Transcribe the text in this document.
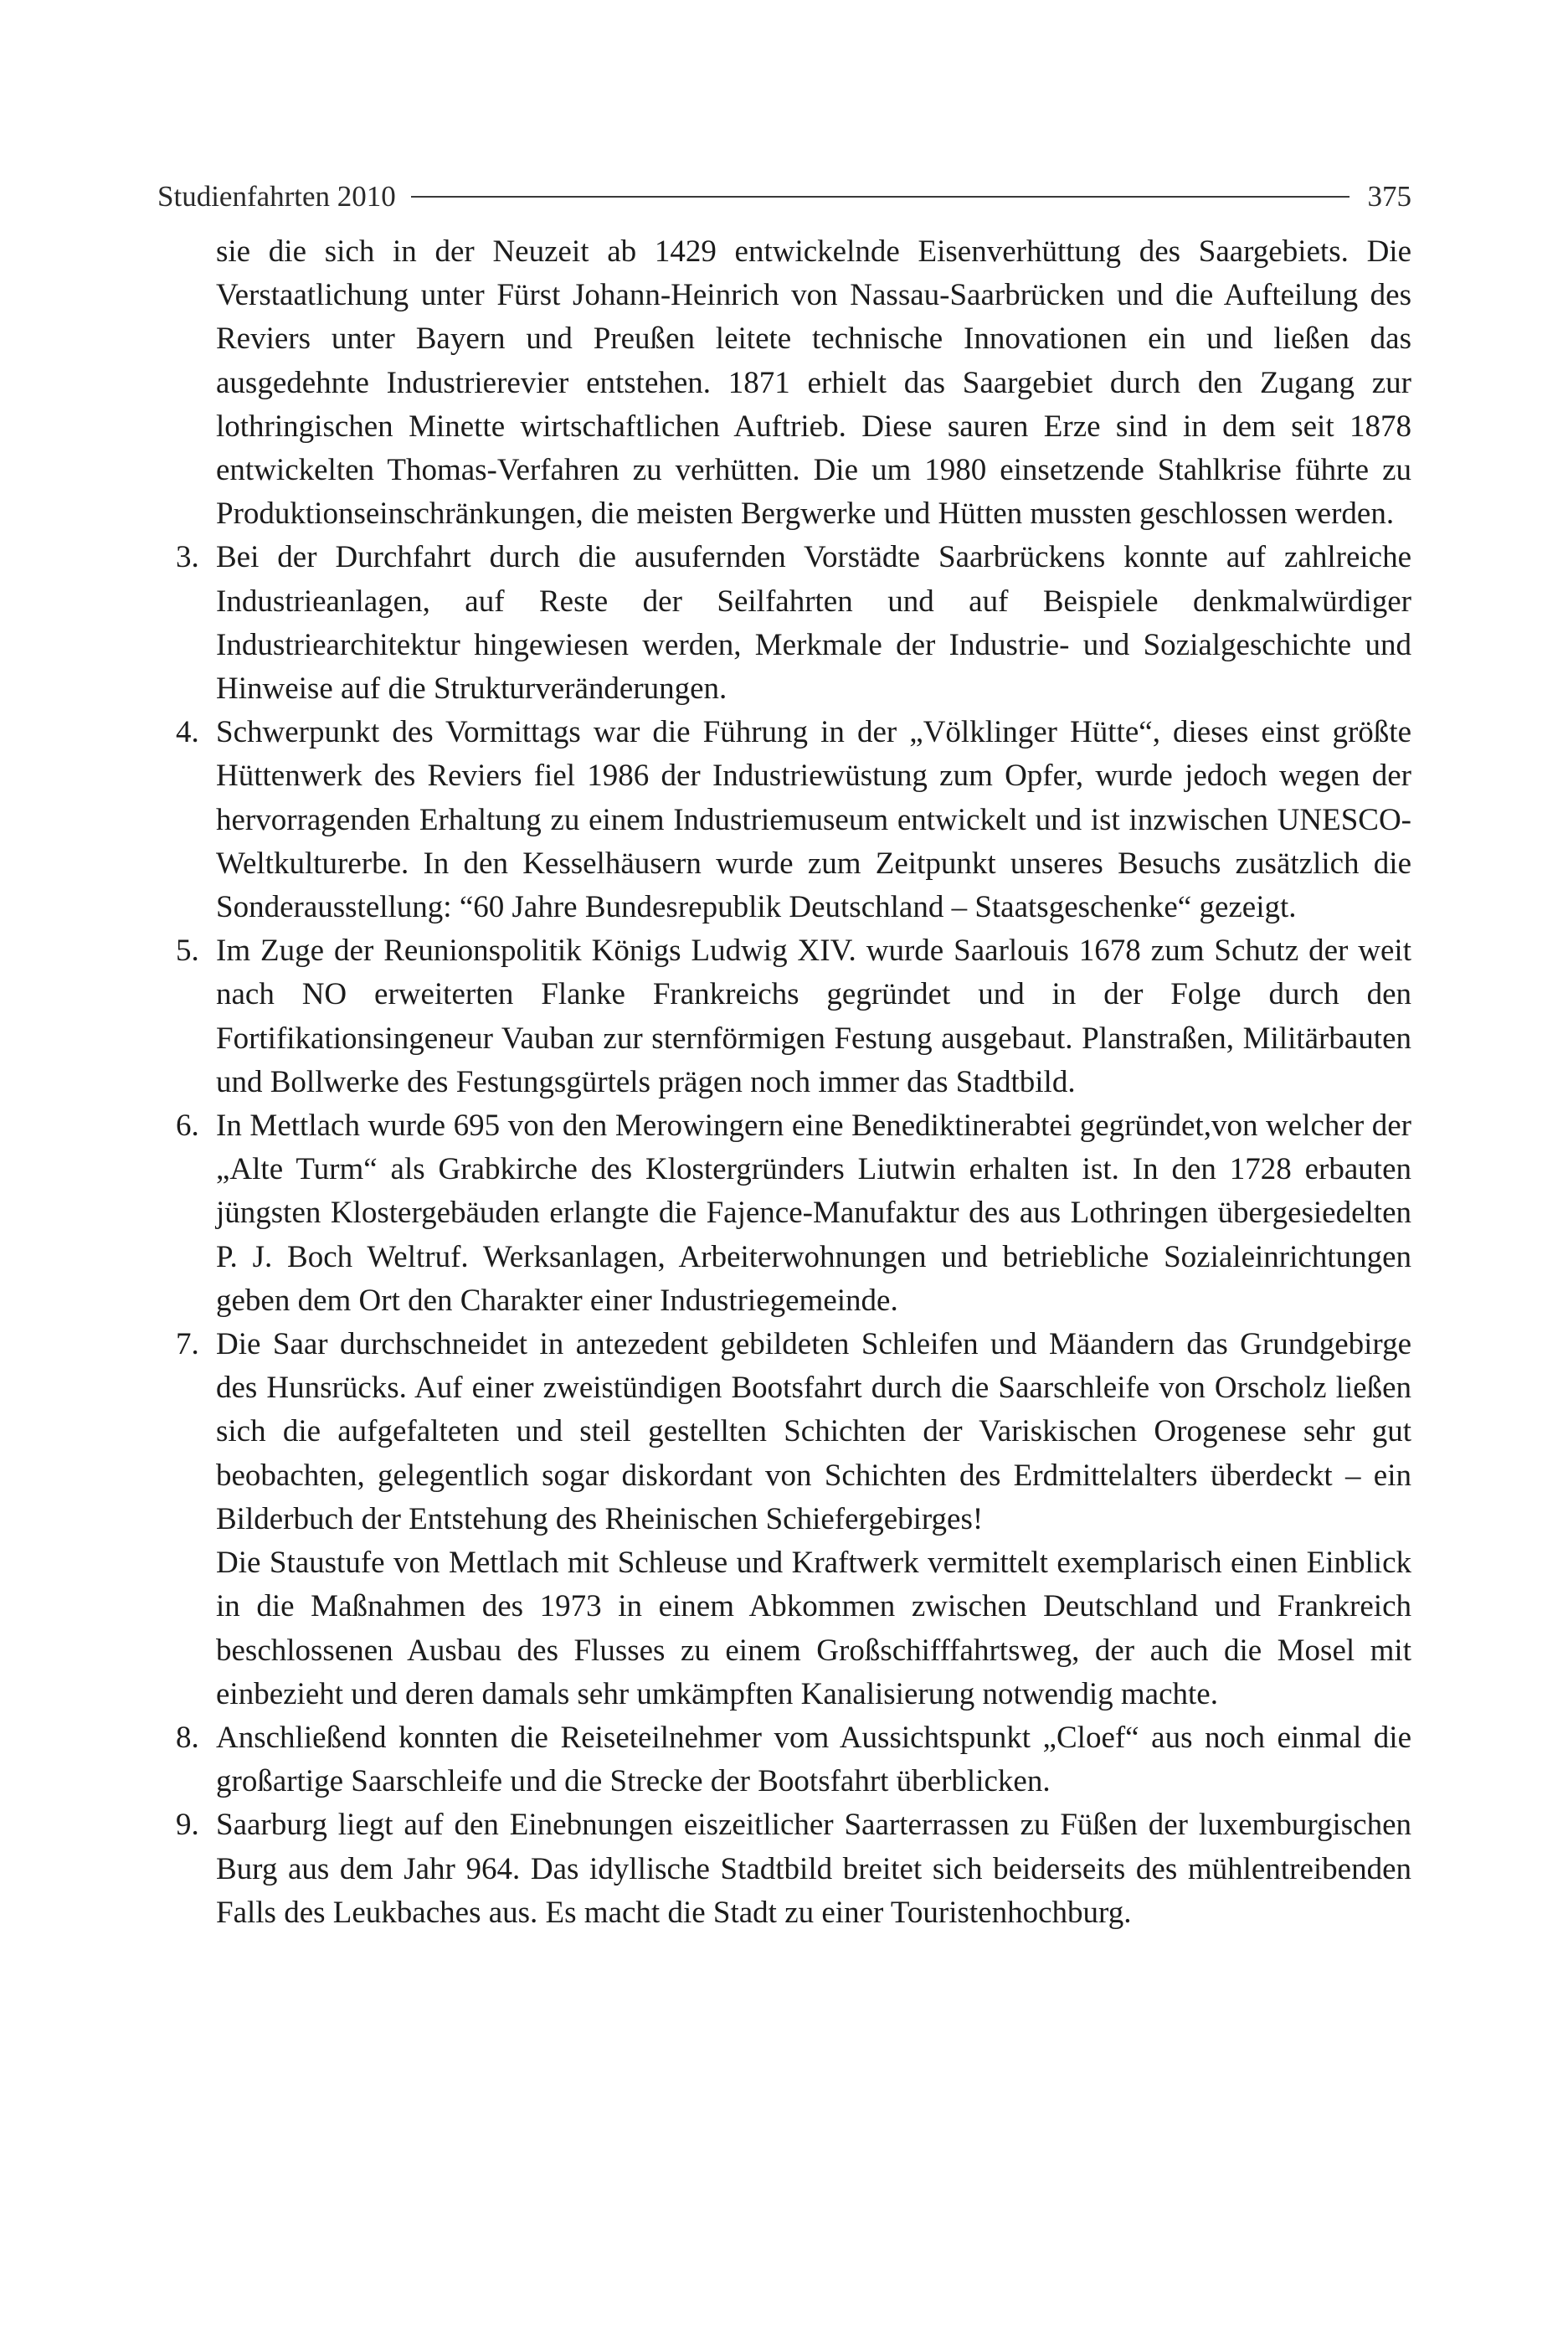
Studienfahrten 2010	375

sie die sich in der Neuzeit ab 1429 entwickelnde Eisenverhüttung des Saargebiets. Die Verstaatlichung unter Fürst Johann-Heinrich von Nassau-Saarbrücken und die Aufteilung des Reviers unter Bayern und Preußen leitete technische Innovationen ein und ließen das ausgedehnte Industrierevier entstehen. 1871 erhielt das Saargebiet durch den Zugang zur lothringischen Minette wirtschaftlichen Auftrieb. Diese sauren Erze sind in dem seit 1878 entwickelten Thomas-Verfahren zu verhütten. Die um 1980 einsetzende Stahlkrise führte zu Produktionseinschränkungen, die meisten Bergwerke und Hütten mussten geschlossen werden.

3. Bei der Durchfahrt durch die ausufernden Vorstädte Saarbrückens konnte auf zahlreiche Industrieanlagen, auf Reste der Seilfahrten und auf Beispiele denkmalwürdiger Industriearchitektur hingewiesen werden, Merkmale der Industrie- und Sozialgeschichte und Hinweise auf die Strukturveränderungen.

4. Schwerpunkt des Vormittags war die Führung in der „Völklinger Hütte“, dieses einst größte Hüttenwerk des Reviers fiel 1986 der Industriewüstung zum Opfer, wurde jedoch wegen der hervorragenden Erhaltung zu einem Industriemuseum entwickelt und ist inzwischen UNESCO-Weltkulturerbe. In den Kesselhäusern wurde zum Zeitpunkt unseres Besuchs zusätzlich die Sonderausstellung: “60 Jahre Bundesrepublik Deutschland – Staatsgeschenke“ gezeigt.

5. Im Zuge der Reunionspolitik Königs Ludwig XIV. wurde Saarlouis 1678 zum Schutz der weit nach NO erweiterten Flanke Frankreichs gegründet und in der Folge durch den Fortifikationsingeneur Vauban zur sternförmigen Festung ausgebaut. Planstraßen, Militärbauten und Bollwerke des Festungsgürtels prägen noch immer das Stadtbild.

6. In Mettlach wurde 695 von den Merowingern eine Benediktinerabtei gegründet,von welcher der „Alte Turm“ als Grabkirche des Klostergründers Liutwin erhalten ist. In den 1728 erbauten jüngsten Klostergebäuden erlangte die Fajence-Manufaktur des aus Lothringen übergesiedelten P. J. Boch Weltruf. Werksanlagen, Arbeiterwohnungen und betriebliche Sozialeinrichtungen geben dem Ort den Charakter einer Industriegemeinde.

7. Die Saar durchschneidet in antezedent gebildeten Schleifen und Mäandern das Grundgebirge des Hunsrücks. Auf einer zweistündigen Bootsfahrt durch die Saarschleife von Orscholz ließen sich die aufgefalteten und steil gestellten Schichten der Variskischen Orogenese sehr gut beobachten, gelegentlich sogar diskordant von Schichten des Erdmittelalters überdeckt – ein Bilderbuch der Entstehung des Rheinischen Schiefergebirges!

Die Staustufe von Mettlach mit Schleuse und Kraftwerk vermittelt exemplarisch einen Einblick in die Maßnahmen des 1973 in einem Abkommen zwischen Deutschland und Frankreich beschlossenen Ausbau des Flusses zu einem Großschifffahrtsweg, der auch die Mosel mit einbezieht und deren damals sehr umkämpften Kanalisierung notwendig machte.

8. Anschließend konnten die Reiseteilnehmer vom Aussichtspunkt „Cloef“ aus noch einmal die großartige Saarschleife und die Strecke der Bootsfahrt überblicken.

9. Saarburg liegt auf den Einebnungen eiszeitlicher Saarterrassen zu Füßen der luxemburgischen Burg aus dem Jahr 964. Das idyllische Stadtbild breitet sich beiderseits des mühlentreibenden Falls des Leukbaches aus. Es macht die Stadt zu einer Touristenhochburg.
